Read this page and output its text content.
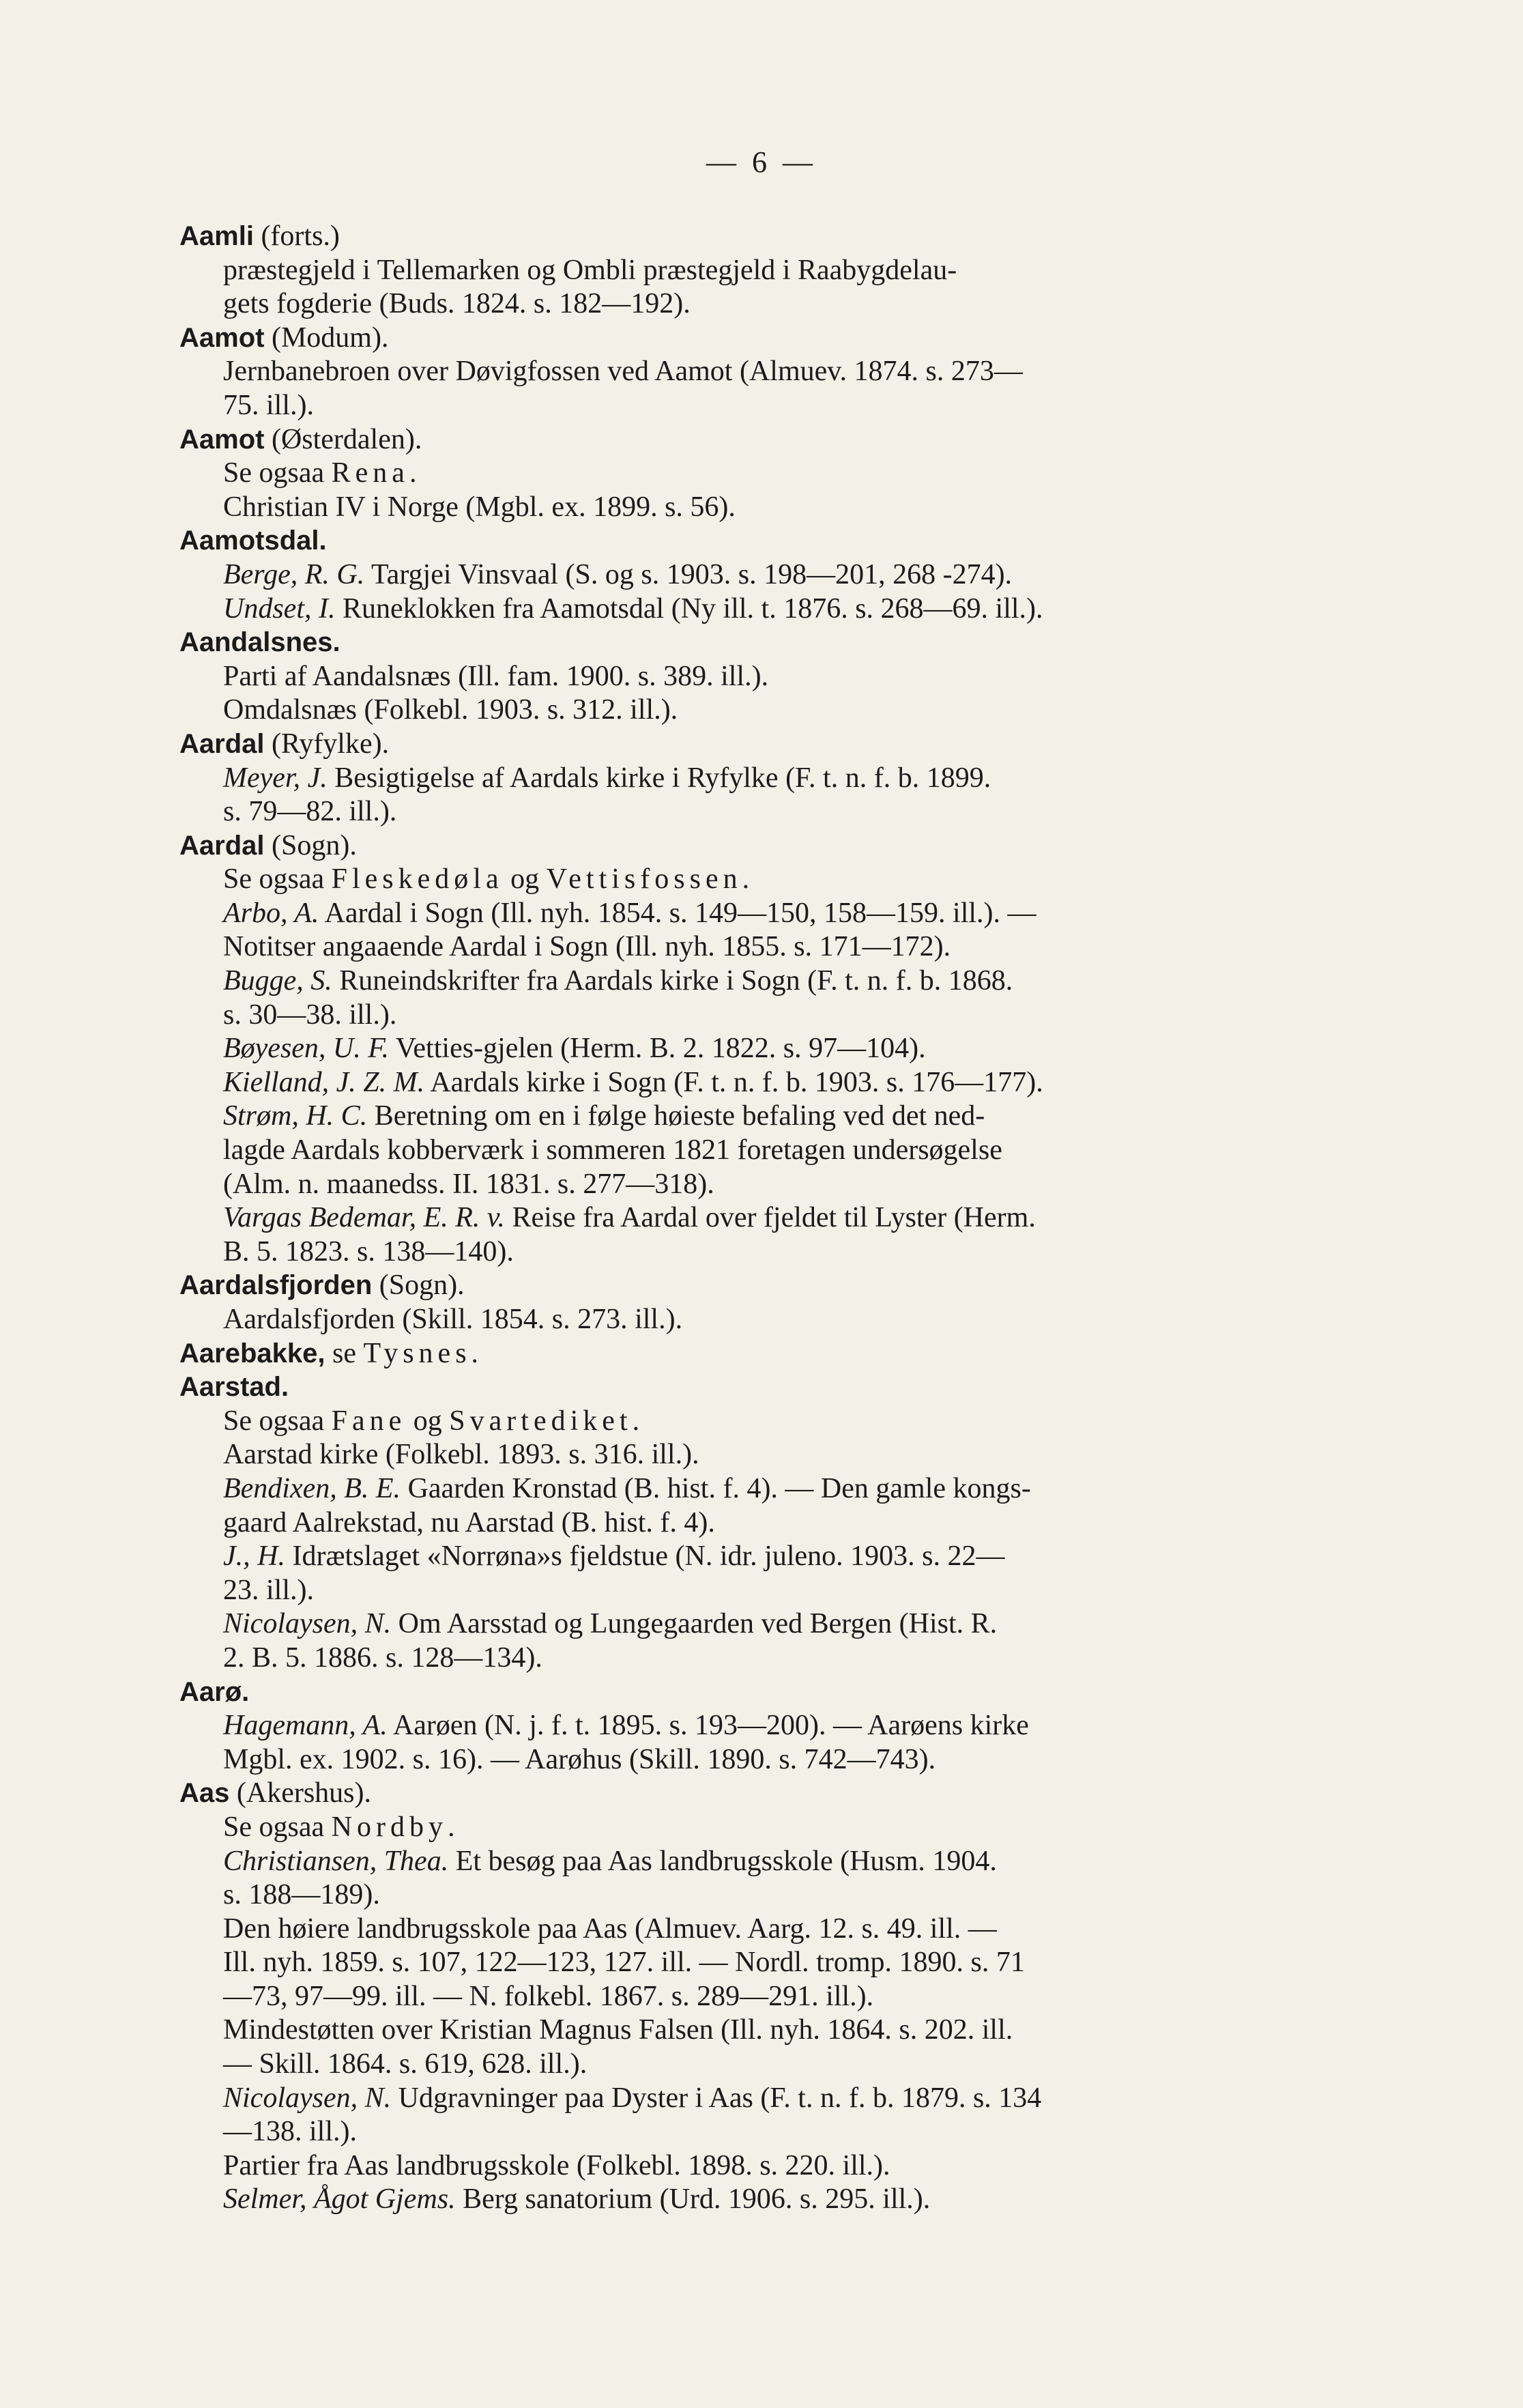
— 6 —
Aamli (forts.)
præstegjeld i Tellemarken og Ombli præstegjeld i Raabygdelau-
gets fogderie (Buds. 1824. s. 182—192).
Aamot (Modum).
Jernbanebroen over Døvigfossen ved Aamot (Almuev. 1874. s. 273—
75. ill.).
Aamot (Østerdalen).
Se ogsaa Rena.
Christian IV i Norge (Mgbl. ex. 1899. s. 56).
Aamotsdal.
Berge, R. G. Targjei Vinsvaal (S. og s. 1903. s. 198—201, 268 -274).
Undset, I. Runeklokken fra Aamotsdal (Ny ill. t. 1876. s. 268—69. ill.).
Aandalsnes.
Parti af Aandalsnæs (Ill. fam. 1900. s. 389. ill.).
Omdalsnæs (Folkebl. 1903. s. 312. ill.).
Aardal (Ryfylke).
Meyer, J. Besigtigelse af Aardals kirke i Ryfylke (F. t. n. f. b. 1899.
s. 79—82. ill.).
Aardal (Sogn).
Se ogsaa Fleskedøla og Vettisfossen.
Arbo, A. Aardal i Sogn (Ill. nyh. 1854. s. 149—150, 158—159. ill.). —
Notitser angaaende Aardal i Sogn (Ill. nyh. 1855. s. 171—172).
Bugge, S. Runeindskrifter fra Aardals kirke i Sogn (F. t. n. f. b. 1868.
s. 30—38. ill.).
Bøyesen, U. F. Vetties-gjelen (Herm. B. 2. 1822. s. 97—104).
Kielland, J. Z. M. Aardals kirke i Sogn (F. t. n. f. b. 1903. s. 176—177).
Strøm, H. C. Beretning om en i følge høieste befaling ved det ned-
lagde Aardals kobberværk i sommeren 1821 foretagen undersøgelse
(Alm. n. maanedss. II. 1831. s. 277—318).
Vargas Bedemar, E. R. v. Reise fra Aardal over fjeldet til Lyster (Herm.
B. 5. 1823. s. 138—140).
Aardalsfjorden (Sogn).
Aardalsfjorden (Skill. 1854. s. 273. ill.).
Aarebakke, se Tysnes.
Aarstad.
Se ogsaa Fane og Svartediket.
Aarstad kirke (Folkebl. 1893. s. 316. ill.).
Bendixen, B. E. Gaarden Kronstad (B. hist. f. 4). — Den gamle kongs-
gaard Aalrekstad, nu Aarstad (B. hist. f. 4).
J., H. Idrætslaget «Norrøna»s fjeldstue (N. idr. juleno. 1903. s. 22—
23. ill.).
Nicolaysen, N. Om Aarsstad og Lungegaarden ved Bergen (Hist. R.
2. B. 5. 1886. s. 128—134).
Aarø.
Hagemann, A. Aarøen (N. j. f. t. 1895. s. 193—200). — Aarøens kirke
Mgbl. ex. 1902. s. 16). — Aarøhus (Skill. 1890. s. 742—743).
Aas (Akershus).
Se ogsaa Nordby.
Christiansen, Thea. Et besøg paa Aas landbrugsskole (Husm. 1904.
s. 188—189).
Den høiere landbrugsskole paa Aas (Almuev. Aarg. 12. s. 49. ill. —
Ill. nyh. 1859. s. 107, 122—123, 127. ill. — Nordl. tromp. 1890. s. 71
—73, 97—99. ill. — N. folkebl. 1867. s. 289—291. ill.).
Mindestøtten over Kristian Magnus Falsen (Ill. nyh. 1864. s. 202. ill.
— Skill. 1864. s. 619, 628. ill.).
Nicolaysen, N. Udgravninger paa Dyster i Aas (F. t. n. f. b. 1879. s. 134
—138. ill.).
Partier fra Aas landbrugsskole (Folkebl. 1898. s. 220. ill.).
Selmer, Ågot Gjems. Berg sanatorium (Urd. 1906. s. 295. ill.).
